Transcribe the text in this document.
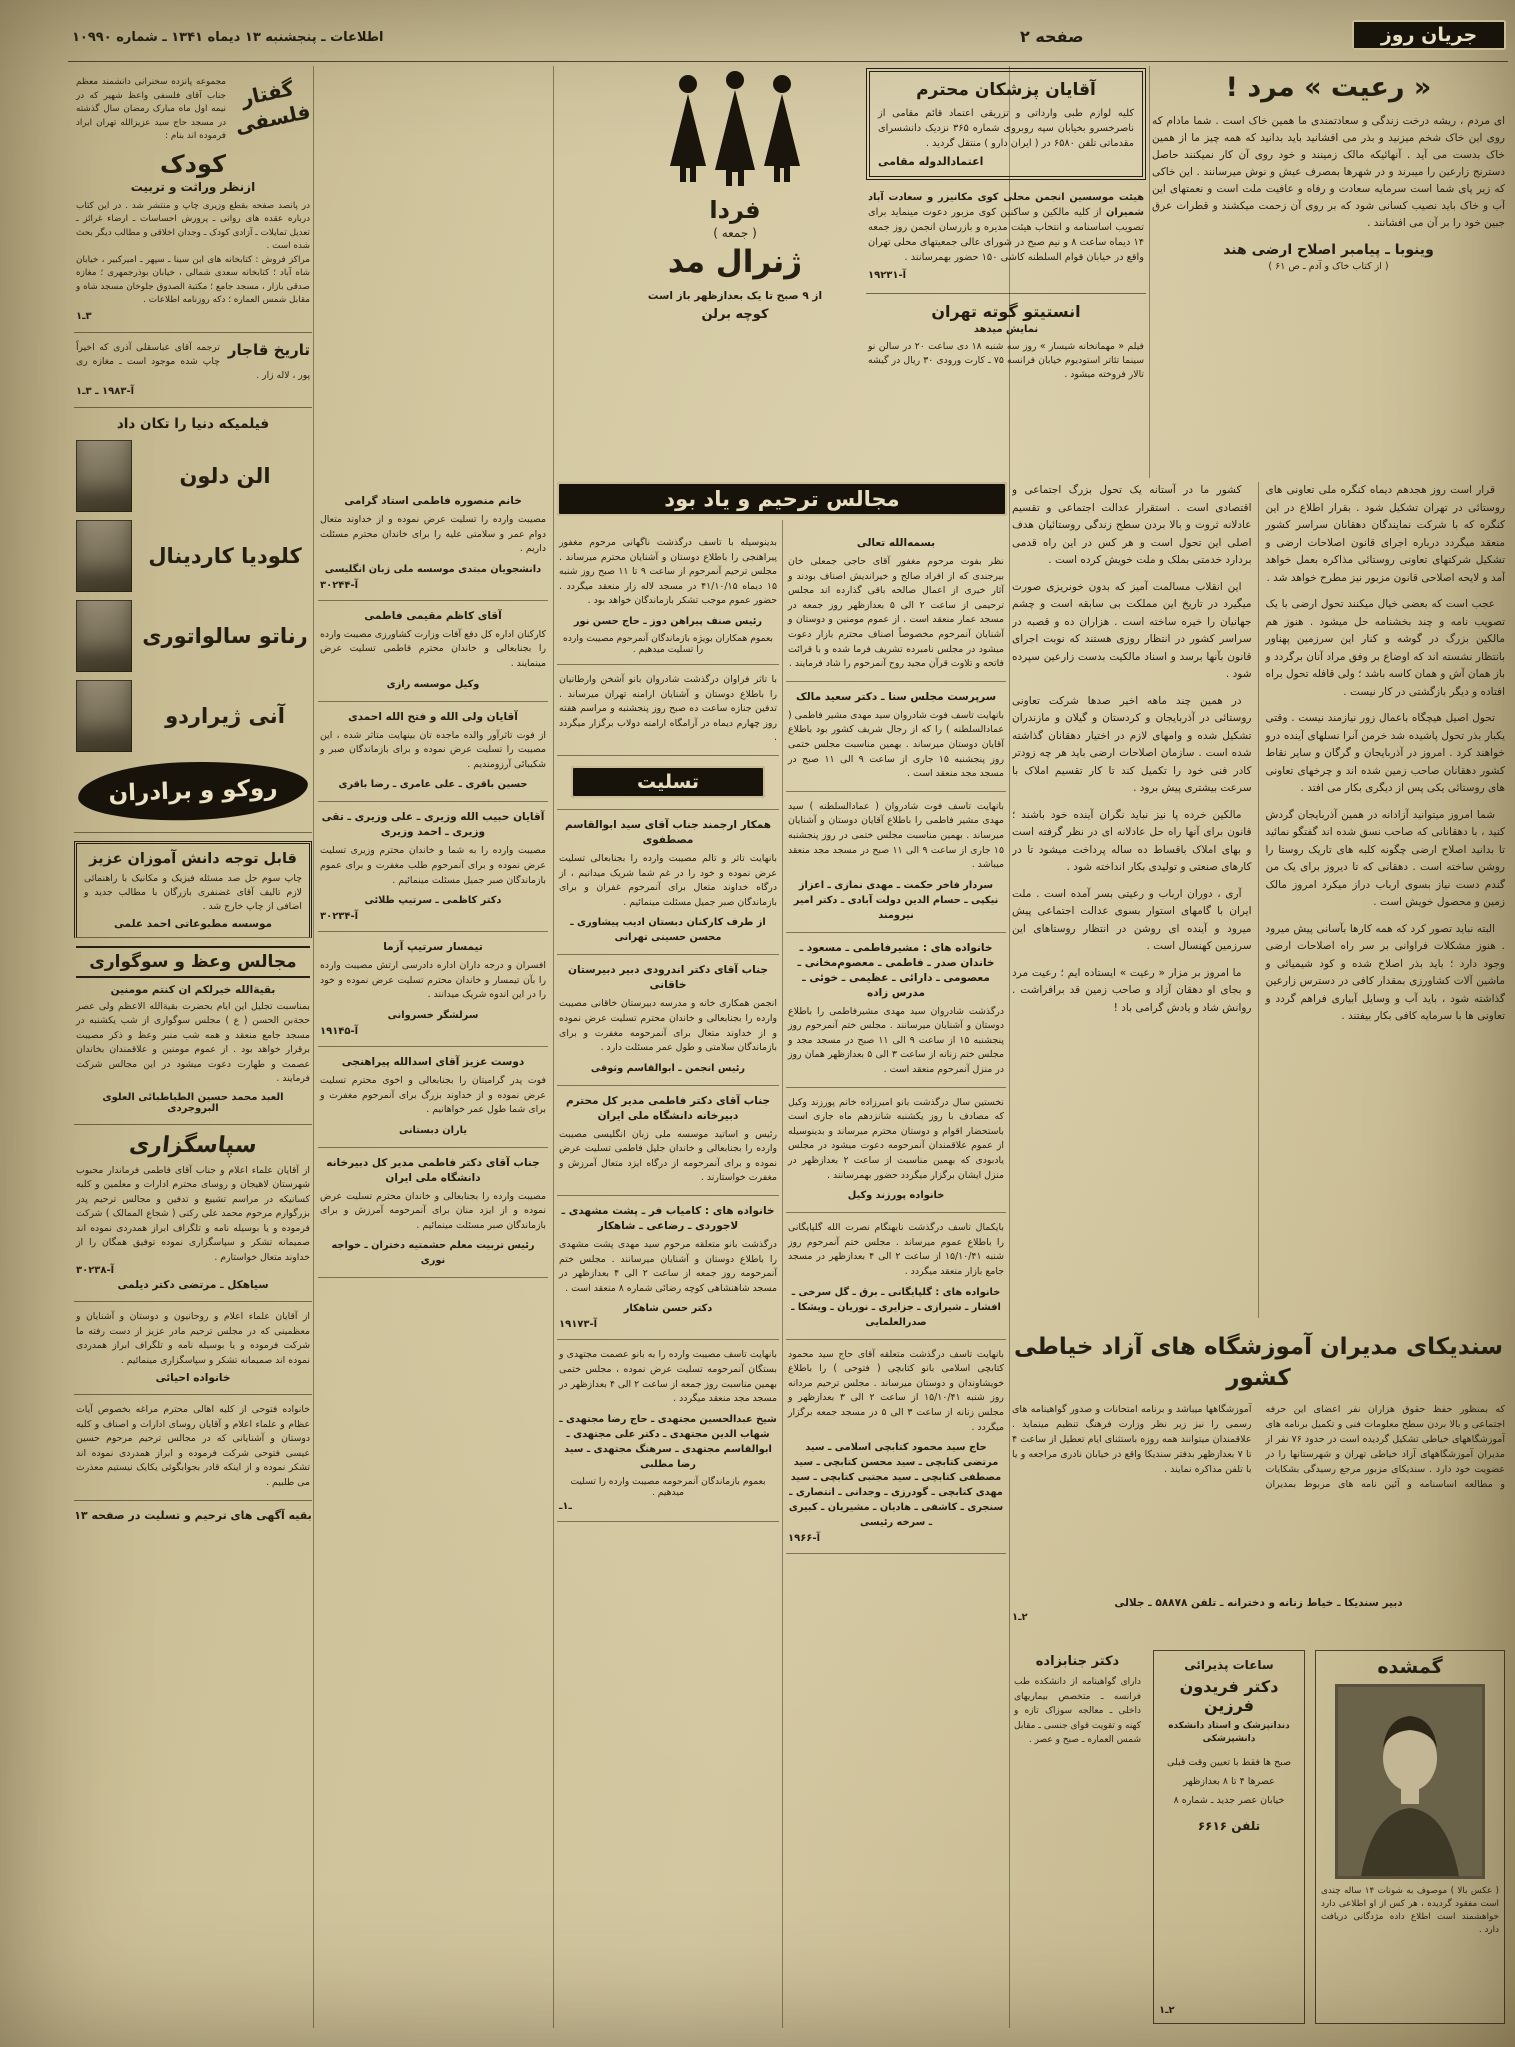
اطلاعات ـ پنجشنبه ۱۳ دیماه ۱۳۴۱ ـ شماره ۱۰۹۹۰	صفحه ۲	جریان روز
« رعیت » مرد !

ای مردم ، ریشه درخت زندگی و سعادتمندی ما همین خاک است . شما مادام که روی این خاک شخم میزنید و بذر می افشانید باید بدانید که همه چیز ما از همین خاک بدست می آید . آنهائیکه مالک زمینند و خود روی آن کار نمیکنند حاصل دسترنج زارعین را میبرند و در شهرها بمصرف عیش و نوش میرسانند . این خاکی که زیر پای شما است سرمایه سعادت و رفاه و عافیت ملت است و نعمتهای این آب و خاک باید نصیب کسانی شود که بر روی آن زحمت میکشند و قطرات عرق جبین خود را بر آن می افشانند .

وینوبا ـ پیامبر اصلاح ارضی هند
( از کتاب خاک و آدم ـ ص ۶۱ )

قرار است روز هجدهم دیماه کنگره ملی تعاونی های روستائی در تهران تشکیل شود . بقرار اطلاع در این کنگره که با شرکت نمایندگان دهقانان سراسر کشور منعقد میگردد درباره اجرای قانون اصلاحات ارضی و تشکیل شرکتهای تعاونی روستائی مذاکره بعمل خواهد آمد و لایحه اصلاحی قانون مزبور نیز مطرح خواهد شد .

عجب است که بعضی خیال میکنند تحول ارضی با یک تصویب نامه و چند بخشنامه حل میشود . هنوز هم مالکین بزرگ در گوشه و کنار این سرزمین پهناور بانتظار نشسته اند که اوضاع بر وفق مراد آنان برگردد و باز همان آش و همان کاسه باشد ؛ ولی قافله تحول براه افتاده و دیگر بازگشتی در کار نیست .

تحول اصیل هیچگاه باعمال زور نیازمند نیست . وقتی یکبار بذر تحول پاشیده شد خرمن آنرا نسلهای آینده درو خواهند کرد . امروز در آذربایجان و گرگان و سایر نقاط کشور دهقانان صاحب زمین شده اند و چرخهای تعاونی های روستائی یکی پس از دیگری بکار می افتد .

شما امروز میتوانید آزادانه در همین آذربایجان گردش کنید ، با دهقانانی که صاحب نسق شده اند گفتگو نمائید تا بدانید اصلاح ارضی چگونه کلبه های تاریک روستا را روشن ساخته است . دهقانی که تا دیروز برای یک من گندم دست نیاز بسوی ارباب دراز میکرد امروز مالک زمین و محصول خویش است .

البته نباید تصور کرد که همه کارها بآسانی پیش میرود . هنوز مشکلات فراوانی بر سر راه اصلاحات ارضی وجود دارد ؛ باید بذر اصلاح شده و کود شیمیائی و ماشین آلات کشاورزی بمقدار کافی در دسترس زارعین گذاشته شود ، باید آب و وسایل آبیاری فراهم گردد و تعاونی ها با سرمایه کافی بکار بیفتند .

کشور ما در آستانه یک تحول بزرگ اجتماعی و اقتصادی است . استقرار عدالت اجتماعی و تقسیم عادلانه ثروت و بالا بردن سطح زندگی روستائیان هدف اصلی این تحول است و هر کس در این راه قدمی بردارد خدمتی بملک و ملت خویش کرده است .

این انقلاب مسالمت آمیز که بدون خونریزی صورت میگیرد در تاریخ این مملکت بی سابقه است و چشم جهانیان را خیره ساخته است . هزاران ده و قصبه در سراسر کشور در انتظار روزی هستند که نوبت اجرای قانون بآنها برسد و اسناد مالکیت بدست زارعین سپرده شود .

در همین چند ماهه اخیر صدها شرکت تعاونی روستائی در آذربایجان و کردستان و گیلان و مازندران تشکیل شده و وامهای لازم در اختیار دهقانان گذاشته شده است . سازمان اصلاحات ارضی باید هر چه زودتر کادر فنی خود را تکمیل کند تا کار تقسیم املاک با سرعت بیشتری پیش برود .

مالکین خرده پا نیز نباید نگران آینده خود باشند ؛ قانون برای آنها راه حل عادلانه ای در نظر گرفته است و بهای املاک باقساط ده ساله پرداخت میشود تا در کارهای صنعتی و تولیدی بکار انداخته شود .

آری ، دوران ارباب و رعیتی بسر آمده است . ملت ایران با گامهای استوار بسوی عدالت اجتماعی پیش میرود و آینده ای روشن در انتظار روستاهای این سرزمین کهنسال است .

ما امروز بر مزار « رعیت » ایستاده ایم ؛ رعیت مرد و بجای او دهقان آزاد و صاحب زمین قد برافراشت . روانش شاد و یادش گرامی باد !

سندیکای مدیران آموزشگاه های آزاد خیاطی کشور
که بمنظور حفظ حقوق هزاران نفر اعضای این حرفه اجتماعی و بالا بردن سطح معلومات فنی و تکمیل برنامه های آموزشگاههای خیاطی تشکیل گردیده است در حدود ۷۶ نفر از مدیران آموزشگاههای آزاد خیاطی تهران و شهرستانها را در عضویت خود دارد . سندیکای مزبور مرجع رسیدگی بشکایات و مطالعه اساسنامه و آئین نامه های مربوط بمدیران آموزشگاهها میباشد و برنامه امتحانات و صدور گواهینامه های رسمی را نیز زیر نظر وزارت فرهنگ تنظیم مینماید . علاقمندان میتوانند همه روزه باستثنای ایام تعطیل از ساعت ۴ تا ۷ بعدازظهر بدفتر سندیکا واقع در خیابان نادری مراجعه و یا با تلفن مذاکره نمایند .
دبیر سندیکا ـ خیاط زنانه و دخترانه ـ تلفن ۵۸۸۷۸ ـ جلالی
۲ـ۱
گمشده

( عکس بالا ) موصوف به شونات ۱۴ ساله چندی است مفقود گردیده ، هر کس از او اطلاعی دارد خواهشمند است اطلاع داده مژدگانی دریافت دارد .

ساعات پذیرائی
دکتر فریدون فرزین
دندانپزشک و استاد دانشکده دانشپزشکی
صبح ها فقط با تعیین وقت قبلی
عصرها ۴ تا ۸ بعدازظهر
خیابان عصر جدید ـ شماره ۸
تلفن ۶۶۱۶
۲ـ۱
دکتر جنابزاده

دارای گواهینامه از دانشکده طب فرانسه ـ متخصص بیماریهای داخلی ـ معالجه سوزاک تازه و کهنه و تقویت قوای جنسی ـ مقابل شمس العماره ـ صبح و عصر .

آقایان پزشکان محترم

کلیه لوازم طبی وارداتی و تزریقی اعتماد قائم مقامی از ناصرخسرو بخیابان سپه روبروی شماره ۳۶۵ نزدیک دانشسرای مقدماتی تلفن ۶۵۸۰ در ( ایران دارو ) منتقل گردید .

اعتمادالدوله مقامی
هیئت موسسین انجمن محلی کوی مکانیزر و سعادت آباد شمیران از کلیه مالکین و ساکنین کوی مزبور دعوت مینماید برای تصویب اساسنامه و انتخاب هیئت مدیره و بازرسان انجمن روز جمعه ۱۴ دیماه ساعت ۸ و نیم صبح در شورای عالی جمعیتهای محلی تهران واقع در خیابان قوام السلطنه کاشی ۱۵۰ حضور بهمرسانند .
آ-۱۹۲۳۱
انستیتو گوته تهران
نمایش میدهد

فیلم « مهمانخانه شیسار » روز سه شنبه ۱۸ دی ساعت ۲۰ در سالن نو سینما تئاتر استودیوم خیابان فرانسه ۷۵ ـ کارت ورودی ۳۰ ریال در گیشه تالار فروخته میشود .

فردا
( جمعه )
ژنرال مد
از ۹ صبح تا یک بعدازظهر باز است
کوچه برلن
مجالس ترحیم و یاد بود
بسمه‌الله تعالی
نظر بفوت مرحوم مغفور آقای حاجی جمعلی خان بیرجندی که از افراد صالح و خیراندیش اصناف بودند و آثار خیری از اعمال صالحه باقی گذارده اند مجلس ترحیمی از ساعت ۲ الی ۵ بعدازظهر روز جمعه در مسجد عمار منعقد است . از عموم مومنین و دوستان و آشنایان آنمرحوم مخصوصاً اصناف محترم بازار دعوت میشود در مجلس نامبرده تشریف فرما شده و با قرائت فاتحه و تلاوت قرآن مجید روح آنمرحوم را شاد فرمایند .
سرپرست مجلس سنا ـ دکتر سعید مالک
بانهایت تاسف فوت شادروان سید مهدی مشیر فاطمی ( عمادالسلطنه ) را که از رجال شریف کشور بود باطلاع آقایان دوستان میرساند . بهمین مناسبت مجلس ختمی روز پنجشنبه ۱۵ جاری از ساعت ۹ الی ۱۱ صبح در مسجد مجد منعقد است .
بانهایت تاسف فوت شادروان ( عمادالسلطنه ) سید مهدی مشیر فاطمی را باطلاع آقایان دوستان و آشنایان میرساند . بهمین مناسبت مجلس ختمی در روز پنجشنبه ۱۵ جاری از ساعت ۹ الی ۱۱ صبح در مسجد مجد منعقد میباشد .
سردار فاخر حکمت ـ مهدی نمازی ـ اعزاز نیکپی ـ حسام الدین دولت آبادی ـ دکتر امیر نیرومند
خانواده های : مشیرفاطمی ـ مسعود ـ خاندان صدر ـ فاطمی ـ معصوم‌مخانی ـ معصومی ـ دارائی ـ عظیمی ـ خوئی ـ مدرس زاده
درگذشت شادروان سید مهدی مشیرفاطمی را باطلاع دوستان و آشنایان میرسانند . مجلس ختم آنمرحوم روز پنجشنبه ۱۵ از ساعت ۹ الی ۱۱ صبح در مسجد مجد و مجلس ختم زنانه از ساعت ۳ الی ۵ بعدازظهر همان روز در منزل آنمرحوم منعقد است .
نخستین سال درگذشت بانو امیرزاده خانم پورزند وکیل که مصادف با روز یکشنبه شانزدهم ماه جاری است باستحضار اقوام و دوستان محترم میرساند و بدینوسیله از عموم علاقمندان آنمرحومه دعوت میشود در مجلس یادبودی که بهمین مناسبت از ساعت ۲ بعدازظهر در منزل ایشان برگزار میگردد حضور بهمرسانند .
خانواده پورزند وکیل
بایکمال تاسف درگذشت نابهنگام نصرت الله گلپایگانی را باطلاع عموم میرساند . مجلس ختم آنمرحوم روز شنبه ۱۵/۱۰/۴۱ از ساعت ۲ الی ۴ بعدازظهر در مسجد جامع بازار منعقد میگردد .
خانواده های : گلپایگانی ـ برق ـ گل سرخی ـ افشار ـ شیرازی ـ جزایری ـ نوریان ـ ویشکا ـ صدرالعلمایی
بانهایت تاسف درگذشت متعلقه آقای حاج سید محمود کتابچی اسلامی بانو کتابچی ( فتوحی ) را باطلاع خویشاوندان و دوستان میرساند . مجلس ترحیم مردانه روز شنبه ۱۵/۱۰/۴۱ از ساعت ۲ الی ۳ بعدازظهر و مجلس زنانه از ساعت ۳ الی ۵ در مسجد جمعه برگزار میگردد .
حاج سید محمود کتابچی اسلامی ـ سید مرتضی کتابچی ـ سید محسن کتابچی ـ سید مصطفی کتابچی ـ سید مجتبی کتابچی ـ سید مهدی کتابچی ـ گودرزی ـ وجدانی ـ انتصاری ـ سنجری ـ کاشفی ـ هادیان ـ مشیریان ـ کبیری ـ سرخه رئیسی
آ-۱۹۶۶
بدینوسیله با تاسف درگذشت ناگهانی مرحوم مغفور پیراهنجی را باطلاع دوستان و آشنایان محترم میرساند . مجلس ترحیم آنمرحوم از ساعت ۹ تا ۱۱ صبح روز شنبه ۱۵ دیماه ۴۱/۱۰/۱۵ در مسجد لاله زار منعقد میگردد . حضور عموم موجب تشکر بازماندگان خواهد بود .
رئیس صنف پیراهن دوز ـ حاج حسن نور
بعموم همکاران بویژه بازماندگان آنمرحوم مصیبت وارده را تسلیت میدهیم .
با تاثر فراوان درگذشت شادروان بانو آشخن وارطانیان را باطلاع دوستان و آشنایان ارامنه تهران میرساند . تدفین جنازه ساعت ده صبح روز پنجشنبه و مراسم هفته روز چهارم دیماه در آرامگاه ارامنه دولاب برگزار میگردد .
تسلیت
همکار ارجمند جناب آقای سید ابوالقاسم مصطفوی
بانهایت تاثر و تالم مصیبت وارده را بجنابعالی تسلیت عرض نموده و خود را در غم شما شریک میدانیم ، از درگاه خداوند متعال برای آنمرحوم غفران و برای بازماندگان صبر جمیل مسئلت مینمائیم .
از طرف کارکنان دبستان ادیب پیشاوری ـ محسن حسینی تهرانی
جناب آقای دکتر اندرودی دبیر دبیرستان خاقانی
انجمن همکاری خانه و مدرسه دبیرستان خاقانی مصیبت وارده را بجنابعالی و خاندان محترم تسلیت عرض نموده و از خداوند متعال برای آنمرحومه مغفرت و برای بازماندگان سلامتی و طول عمر مسئلت دارد .
رئیس انجمن ـ ابوالقاسم وثوقی
جناب آقای دکتر فاطمی مدیر کل محترم دبیرخانه دانشگاه ملی ایران
رئیس و اساتید موسسه ملی زبان انگلیسی مصیبت وارده را بجنابعالی و خاندان جلیل فاطمی تسلیت عرض نموده و برای آنمرحومه از درگاه ایزد متعال آمرزش و مغفرت خواستارند .
خانواده های : کامیاب فر ـ پشت مشهدی ـ لاجوردی ـ رضاعی ـ شاهکار
درگذشت بانو متعلقه مرحوم سید مهدی پشت مشهدی را باطلاع دوستان و آشنایان میرسانند . مجلس ختم آنمرحومه روز جمعه از ساعت ۲ الی ۴ بعدازظهر در مسجد شاهنشاهی کوچه رضائی شماره ۸ منعقد است .
دکتر حسن شاهکار
آ-۱۹۱۷۳
بانهایت تاسف مصیبت وارده را به بانو عصمت مجتهدی و بستگان آنمرحومه تسلیت عرض نموده ، مجلس ختمی بهمین مناسبت روز جمعه از ساعت ۲ الی ۴ بعدازظهر در مسجد مجد منعقد میگردد .
شیخ عبدالحسین مجتهدی ـ حاج رضا مجتهدی ـ شهاب الدین مجتهدی ـ دکتر علی مجتهدی ـ ابوالقاسم مجتهدی ـ سرهنگ مجتهدی ـ سید رضا مطلبی
بعموم بازماندگان آنمرحومه مصیبت وارده را تسلیت میدهیم .
ـ۱ـ
خانم منصوره فاطمی استاد گرامی
مصیبت وارده را تسلیت عرض نموده و از خداوند متعال دوام عمر و سلامتی علیه را برای خاندان محترم مسئلت داریم .
دانشجویان مبتدی موسسه ملی زبان انگلیسی
آ-۳۰۲۴۴
آقای کاظم مقیمی فاطمی
کارکنان اداره کل دفع آفات وزارت کشاورزی مصیبت وارده را بجنابعالی و خاندان محترم فاطمی تسلیت عرض مینمایند .
وکیل موسسه رازی
آقایان ولی الله و فتح الله احمدی
از فوت تاثرآور والده ماجده تان بینهایت متاثر شده ، این مصیبت را تسلیت عرض نموده و برای بازماندگان صبر و شکیبائی آرزومندیم .
حسین باقری ـ علی عامری ـ رضا باقری
آقایان حبیب الله وزیری ـ علی وزیری ـ تقی وزیری ـ احمد وزیری
مصیبت وارده را به شما و خاندان محترم وزیری تسلیت عرض نموده و برای آنمرحوم طلب مغفرت و برای عموم بازماندگان صبر جمیل مسئلت مینمائیم .
دکتر کاظمی ـ سرتیپ طلائی
آ-۳۰۲۳۴
تیمسار سرتیپ آزما
افسران و درجه داران اداره دادرسی ارتش مصیبت وارده را بآن تیمسار و خاندان محترم تسلیت عرض نموده و خود را در این اندوه شریک میدانند .
سرلشگر خسروانی
آ-۱۹۱۴۵
دوست عزیز آقای اسدالله پیراهنجی
فوت پدر گرامیتان را بجنابعالی و اخوی محترم تسلیت عرض نموده و از خداوند بزرگ برای آنمرحوم مغفرت و برای شما طول عمر خواهانیم .
یاران دبستانی
جناب آقای دکتر فاطمی مدیر کل دبیرخانه دانشگاه ملی ایران
مصیبت وارده را بجنابعالی و خاندان محترم تسلیت عرض نموده و از ایزد منان برای آنمرحومه آمرزش و برای بازماندگان صبر مسئلت مینمائیم .
رئیس تربیت معلم حشمتیه دختران ـ خواجه نوری
گفتار فلسفی

مجموعه پانزده سخنرانی دانشمند معظم جناب آقای فلسفی واعظ شهیر که در نیمه اول ماه مبارک رمضان سال گذشته در مسجد حاج سید عزیزالله تهران ایراد فرموده اند بنام :

کودک
ازنظر وراثت و تربیت

در پانصد صفحه بقطع وزیری چاپ و منتشر شد . در این کتاب درباره عقده های روانی ـ پرورش احساسات ـ ارضاء غرائز ـ تعدیل تمایلات ـ آزادی کودک ـ وجدان اخلاقی و مطالب دیگر بحث شده است .

مراکز فروش : کتابخانه های ابن سینا ـ سپهر ـ امیرکبیر ، خیابان شاه آباد ؛ کتابخانه سعدی شمالی ، خیابان بوذرجمهری ؛ مغازه صدقی بازار ، مسجد جامع ؛ مکتبة الصدوق جلوخان مسجد شاه و مقابل شمس العماره ؛ دکه روزنامه اطلاعات .

۳ـ۱
تاریخ قاجار

ترجمه آقای عباسقلی آذری که اخیراً چاپ شده موجود است ـ مغازه ری پور ، لاله زار .

آ-۱۹۸۳ ـ ۳ـ۱
فیلمیکه دنیا را تکان داد
الن دلون
کلودیا کاردینال
رناتو سالواتوری
آنی ژیراردو
روکو و برادران
قابل توجه دانش آموزان عزیز

چاپ سوم حل صد مسئله فیزیک و مکانیک با راهنمائی لازم تالیف آقای غضنفری بازرگان با مطالب جدید و اضافی از چاپ خارج شد .

موسسه مطبوعاتی احمد علمی
مجالس وعظ و سوگواری
بقیةالله خیرلکم ان کنتم مومنین

بمناسبت تجلیل این ایام بحضرت بقیةالله الاعظم ولی عصر حجةبن الحسن ( ع ) مجلس سوگواری از شب یکشنبه در مسجد جامع منعقد و همه شب منبر وعظ و ذکر مصیبت برقرار خواهد بود . از عموم مومنین و علاقمندان بخاندان عصمت و طهارت دعوت میشود در این مجالس شرکت فرمایند .

العبد محمد حسین الطباطبائی العلوی البروجردی
سپاسگزاری

از آقایان علماء اعلام و جناب آقای فاطمی فرماندار محبوب شهرستان لاهیجان و روسای محترم ادارات و معلمین و کلیه کسانیکه در مراسم تشییع و تدفین و مجالس ترحیم پدر بزرگوارم مرحوم محمد علی رکنی ( شجاع الممالک ) شرکت فرموده و یا بوسیله نامه و تلگراف ابراز همدردی نموده اند صمیمانه تشکر و سپاسگزاری نموده توفیق همگان را از خداوند متعال خواستارم .

آ-۳۰۲۳۸
سیاهکل ـ مرتضی دکتر دیلمی

از آقایان علماء اعلام و روحانیون و دوستان و آشنایان و معظمینی که در مجلس ترحیم مادر عزیز از دست رفته ما شرکت فرموده و یا بوسیله نامه و تلگراف ابراز همدردی نموده اند صمیمانه تشکر و سپاسگزاری مینمائیم .

خانواده احیائی

خانواده فتوحی از کلیه اهالی محترم مراغه بخصوص آیات عظام و علماء اعلام و آقایان روسای ادارات و اصناف و کلیه دوستان و آشنایانی که در مجالس ترحیم مرحوم حسین عیسی فتوحی شرکت فرموده و ابراز همدردی نموده اند تشکر نموده و از اینکه قادر بجوابگوئی یکایک نیستیم معذرت می طلبیم .

بقیه آگهی های ترحیم و تسلیت در صفحه ۱۳
